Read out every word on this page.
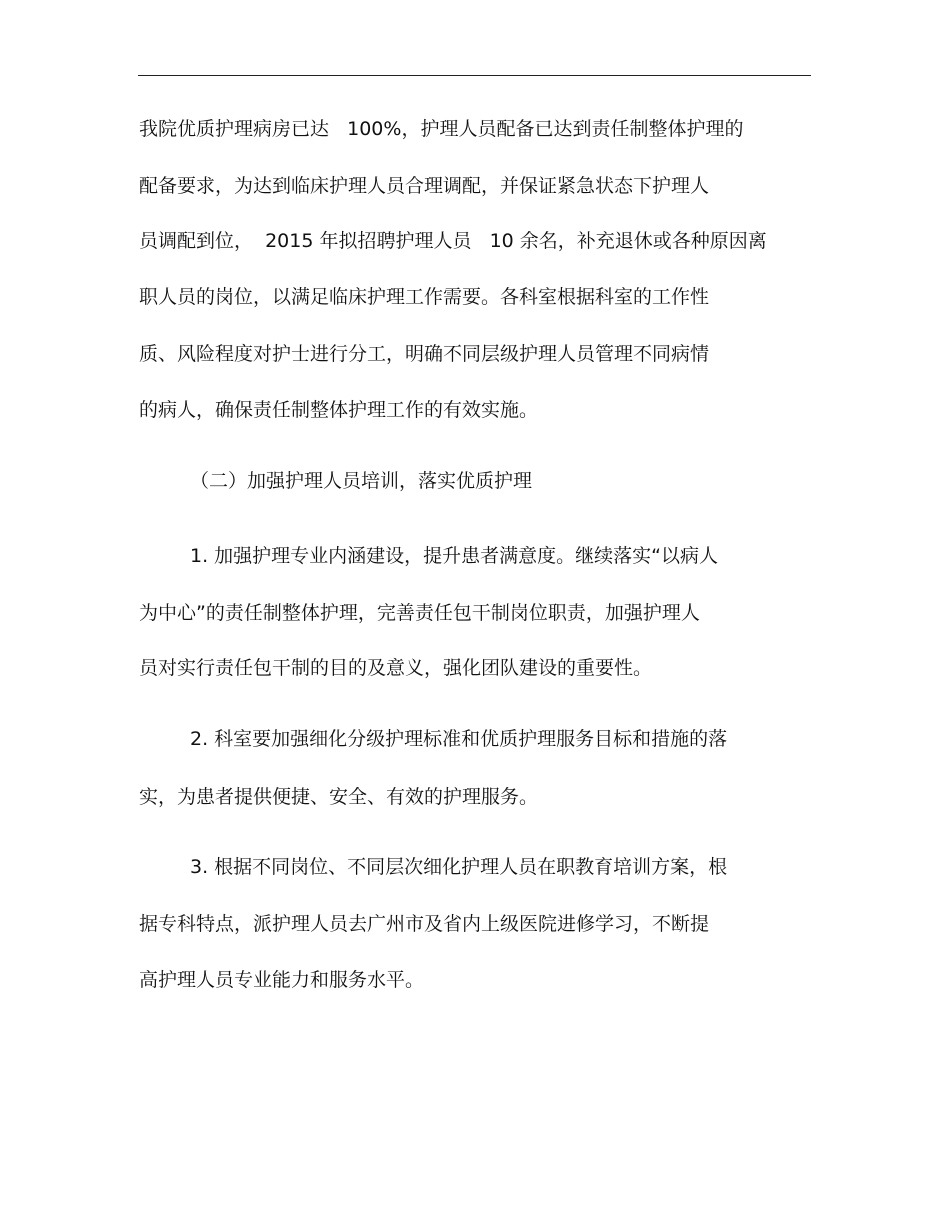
我院优质护理病房已达   100%，护理人员配备已达到责任制整体护理的
配备要求，为达到临床护理人员合理调配，并保证紧急状态下护理人
员调配到位，  2015 年拟招聘护理人员   10 余名，补充退休或各种原因离
职人员的岗位，以满足临床护理工作需要。各科室根据科室的工作性
质、风险程度对护士进行分工，明确不同层级护理人员管理不同病情
的病人，确保责任制整体护理工作的有效实施。
（二）加强护理人员培训，落实优质护理
1. 加强护理专业内涵建设，提升患者满意度。继续落实“以病人
为中心”的责任制整体护理，完善责任包干制岗位职责，加强护理人
员对实行责任包干制的目的及意义，强化团队建设的重要性。
2. 科室要加强细化分级护理标准和优质护理服务目标和措施的落
实，为患者提供便捷、安全、有效的护理服务。
3. 根据不同岗位、不同层次细化护理人员在职教育培训方案，根
据专科特点，派护理人员去广州市及省内上级医院进修学习，不断提
高护理人员专业能力和服务水平。
